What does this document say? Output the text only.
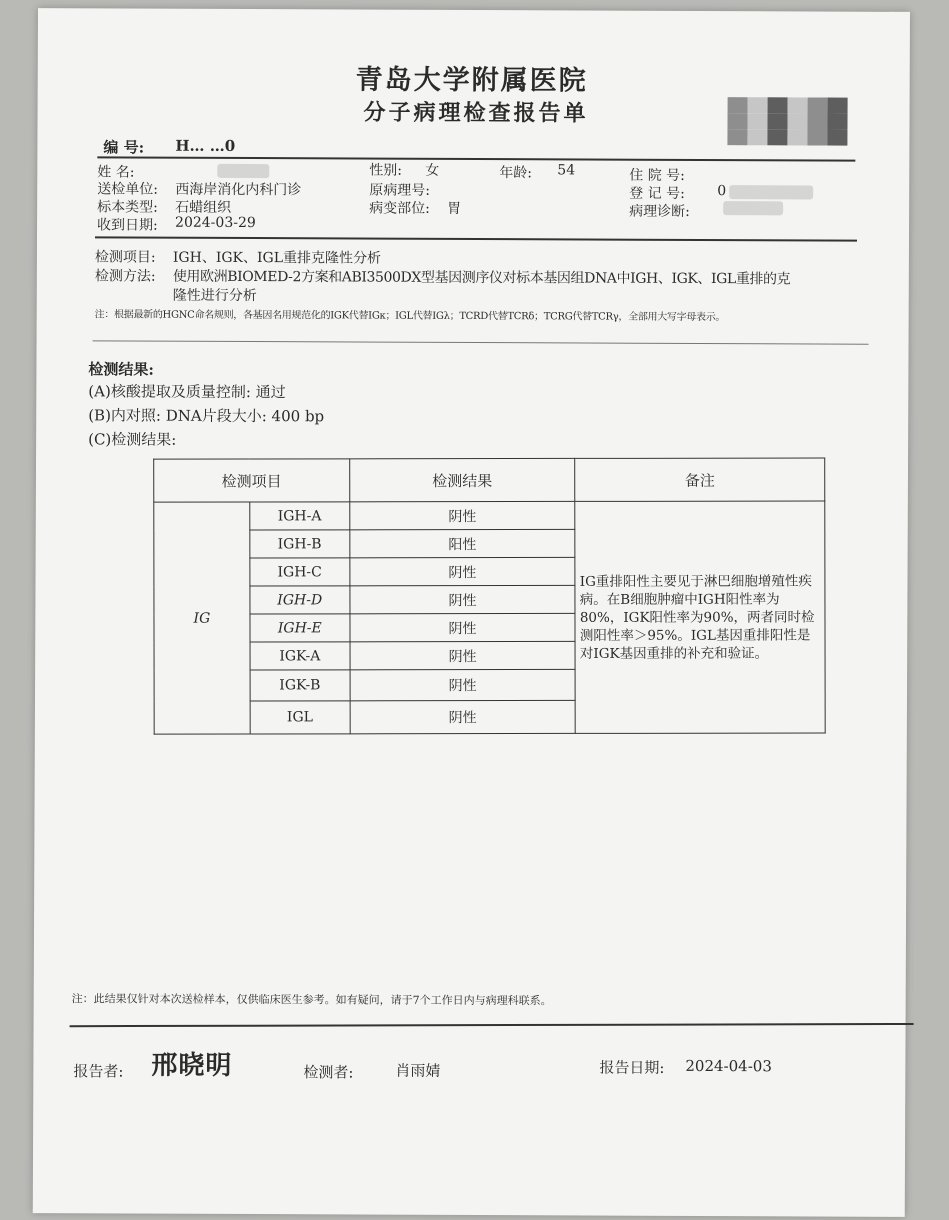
青岛大学附属医院
分子病理检查报告单
编 号: H… …0
姓 名:	性别: 女	年龄: 54	住 院 号:
送检单位: 西海岸消化内科门诊	原病理号:	登 记 号: 0
标本类型: 石蜡组织	病变部位: 胃	病理诊断:
收到日期: 2024-03-29
检测项目: IGH、IGK、IGL重排克隆性分析
检测方法: 使用欧洲BIOMED-2方案和ABI3500DX型基因测序仪对标本基因组DNA中IGH、IGK、IGL重排的克
隆性进行分析
注：根据最新的HGNC命名规则，各基因名用规范化的IGK代替IGκ；IGL代替IGλ；TCRD代替TCRδ；TCRG代替TCRγ，全部用大写字母表示。
检测结果:
(A)核酸提取及质量控制: 通过
(B)内对照: DNA片段大小: 400 bp
(C)检测结果:
检测项目		检测结果	备注
IG	IGH-A	阴性	IG重排阳性主要见于淋巴细胞增殖性疾病。在B细胞肿瘤中IGH阳性率为80%，IGK阳性率为90%，两者同时检测阳性率＞95%。IGL基因重排阳性是对IGK基因重排的补充和验证。
	IGH-B	阳性	
	IGH-C	阴性	
	IGH-D	阴性	
	IGH-E	阴性	
	IGK-A	阴性	
	IGK-B	阴性	
	IGL	阴性	
注：此结果仅针对本次送检样本，仅供临床医生参考。如有疑问，请于7个工作日内与病理科联系。
报告者: 邢晓明	检测者:	肖雨婧	报告日期: 2024-04-03
